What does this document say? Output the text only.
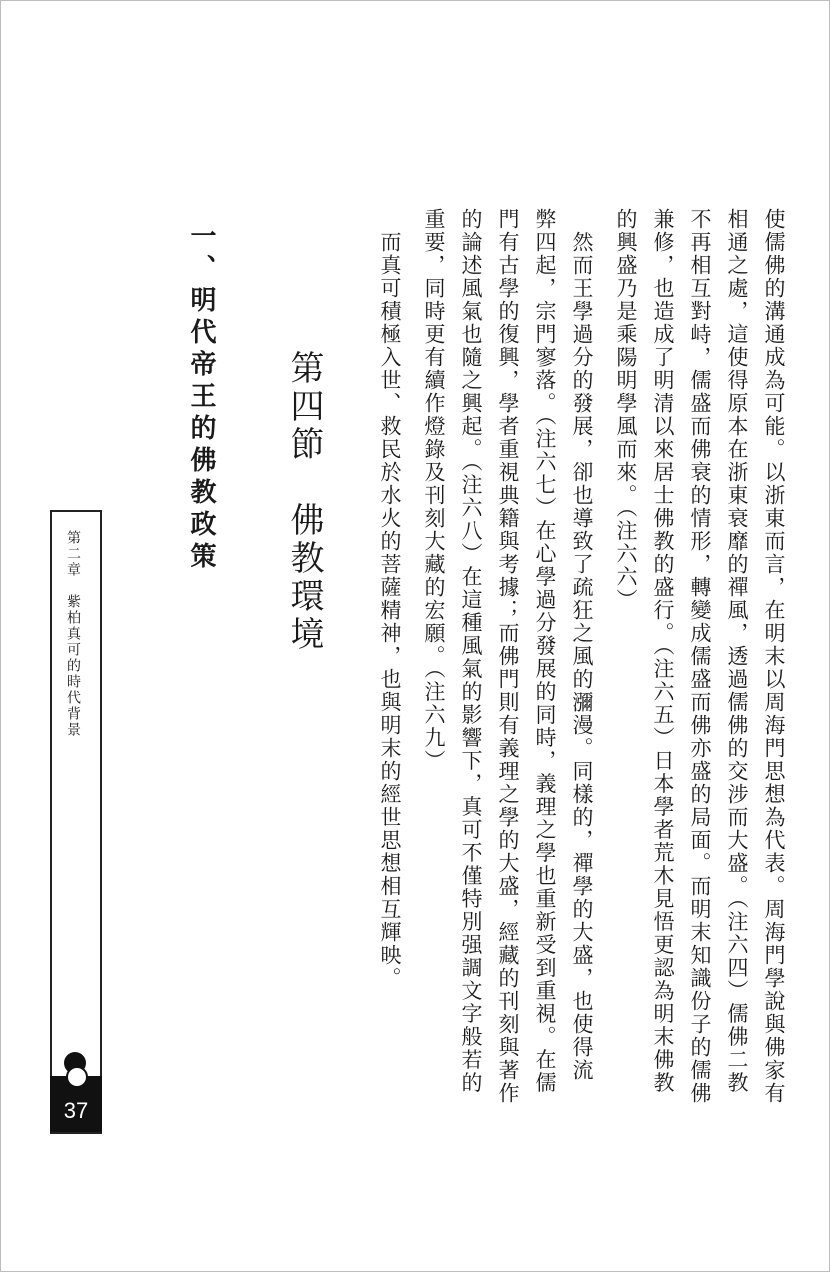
使儒佛的溝通成為可能。以浙東而言，在明末以周海門思想為代表。周海門學說與佛家有
相通之處，這使得原本在浙東衰靡的禪風，透過儒佛的交涉而大盛。（注六四）儒佛二教
不再相互對峙，儒盛而佛衰的情形，轉變成儒盛而佛亦盛的局面。而明末知識份子的儒佛
兼修，也造成了明清以來居士佛教的盛行。（注六五）日本學者荒木見悟更認為明末佛教
的興盛乃是乘陽明學風而來。（注六六）
　然而王學過分的發展，卻也導致了疏狂之風的瀰漫。同樣的，禪學的大盛，也使得流
弊四起，宗門寥落。（注六七）在心學過分發展的同時，義理之學也重新受到重視。在儒
門有古學的復興，學者重視典籍與考據；而佛門則有義理之學的大盛，經藏的刊刻與著作
的論述風氣也隨之興起。（注六八）在這種風氣的影響下，真可不僅特別强調文字般若的
重要，同時更有續作燈錄及刊刻大藏的宏願。（注六九）
　而真可積極入世、救民於水火的菩薩精神，也與明末的經世思想相互輝映。
第四節　佛教環境
一、明代帝王的佛教政策
第二章　紫柏真可的時代背景
37
